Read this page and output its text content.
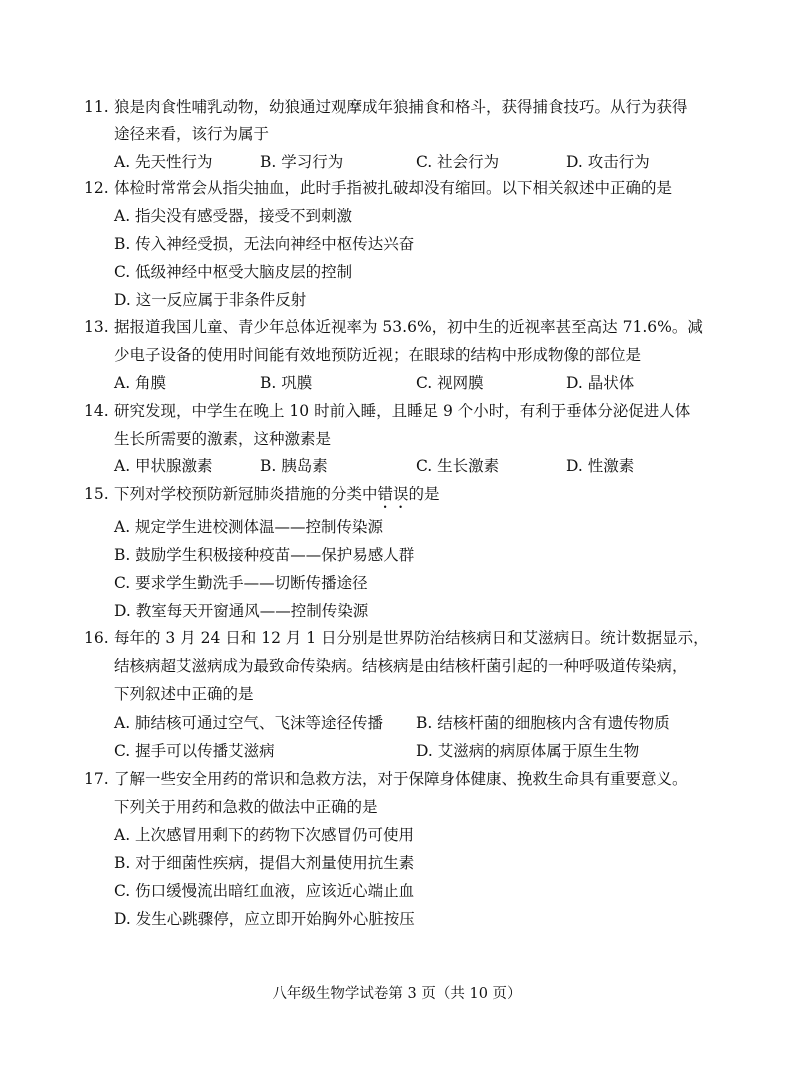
11. 狼是肉食性哺乳动物，幼狼通过观摩成年狼捕食和格斗，获得捕食技巧。从行为获得
途径来看，该行为属于
A. 先天性行为	B. 学习行为	C. 社会行为	D. 攻击行为
12. 体检时常常会从指尖抽血，此时手指被扎破却没有缩回。以下相关叙述中正确的是
A. 指尖没有感受器，接受不到刺激
B. 传入神经受损，无法向神经中枢传达兴奋
C. 低级神经中枢受大脑皮层的控制
D. 这一反应属于非条件反射
13. 据报道我国儿童、青少年总体近视率为 53.6%，初中生的近视率甚至高达 71.6%。减
少电子设备的使用时间能有效地预防近视；在眼球的结构中形成物像的部位是
A. 角膜	B. 巩膜	C. 视网膜	D. 晶状体
14. 研究发现，中学生在晚上 10 时前入睡，且睡足 9 个小时，有利于垂体分泌促进人体
生长所需要的激素，这种激素是
A. 甲状腺激素	B. 胰岛素	C. 生长激素	D. 性激素
15. 下列对学校预防新冠肺炎措施的分类中错误的是
A. 规定学生进校测体温——控制传染源
B. 鼓励学生积极接种疫苗——保护易感人群
C. 要求学生勤洗手——切断传播途径
D. 教室每天开窗通风——控制传染源
16. 每年的 3 月 24 日和 12 月 1 日分别是世界防治结核病日和艾滋病日。统计数据显示，
结核病超艾滋病成为最致命传染病。结核病是由结核杆菌引起的一种呼吸道传染病，
下列叙述中正确的是
A. 肺结核可通过空气、飞沫等途径传播 B. 结核杆菌的细胞核内含有遗传物质
C. 握手可以传播艾滋病	D. 艾滋病的病原体属于原生生物
17. 了解一些安全用药的常识和急救方法，对于保障身体健康、挽救生命具有重要意义。
下列关于用药和急救的做法中正确的是
A. 上次感冒用剩下的药物下次感冒仍可使用
B. 对于细菌性疾病，提倡大剂量使用抗生素
C. 伤口缓慢流出暗红血液，应该近心端止血
D. 发生心跳骤停，应立即开始胸外心脏按压
八年级生物学试卷第 3 页（共 10 页）
